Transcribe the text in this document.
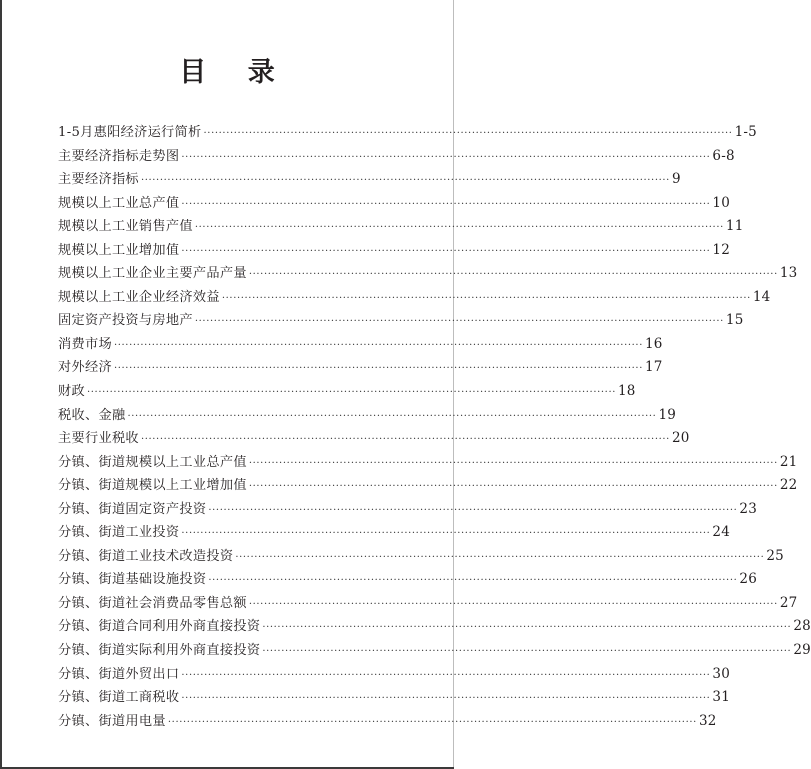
目 录
1-5月惠阳经济运行简析 ············································································································································ 1-5
主要经济指标走势图 ············································································································································ 6-8
主要经济指标 ············································································································································ 9
规模以上工业总产值 ············································································································································ 10
规模以上工业销售产值 ············································································································································ 11
规模以上工业增加值 ············································································································································ 12
规模以上工业企业主要产品产量 ············································································································································ 13
规模以上工业企业经济效益 ············································································································································ 14
固定资产投资与房地产 ············································································································································ 15
消费市场 ············································································································································ 16
对外经济 ············································································································································ 17
财政 ············································································································································ 18
税收、金融 ············································································································································ 19
主要行业税收 ············································································································································ 20
分镇、街道规模以上工业总产值 ············································································································································ 21
分镇、街道规模以上工业增加值 ············································································································································ 22
分镇、街道固定资产投资 ············································································································································ 23
分镇、街道工业投资 ············································································································································ 24
分镇、街道工业技术改造投资 ············································································································································ 25
分镇、街道基础设施投资 ············································································································································ 26
分镇、街道社会消费品零售总额 ············································································································································ 27
分镇、街道合同利用外商直接投资 ············································································································································ 28
分镇、街道实际利用外商直接投资 ············································································································································ 29
分镇、街道外贸出口 ············································································································································ 30
分镇、街道工商税收 ············································································································································ 31
分镇、街道用电量 ············································································································································ 32
